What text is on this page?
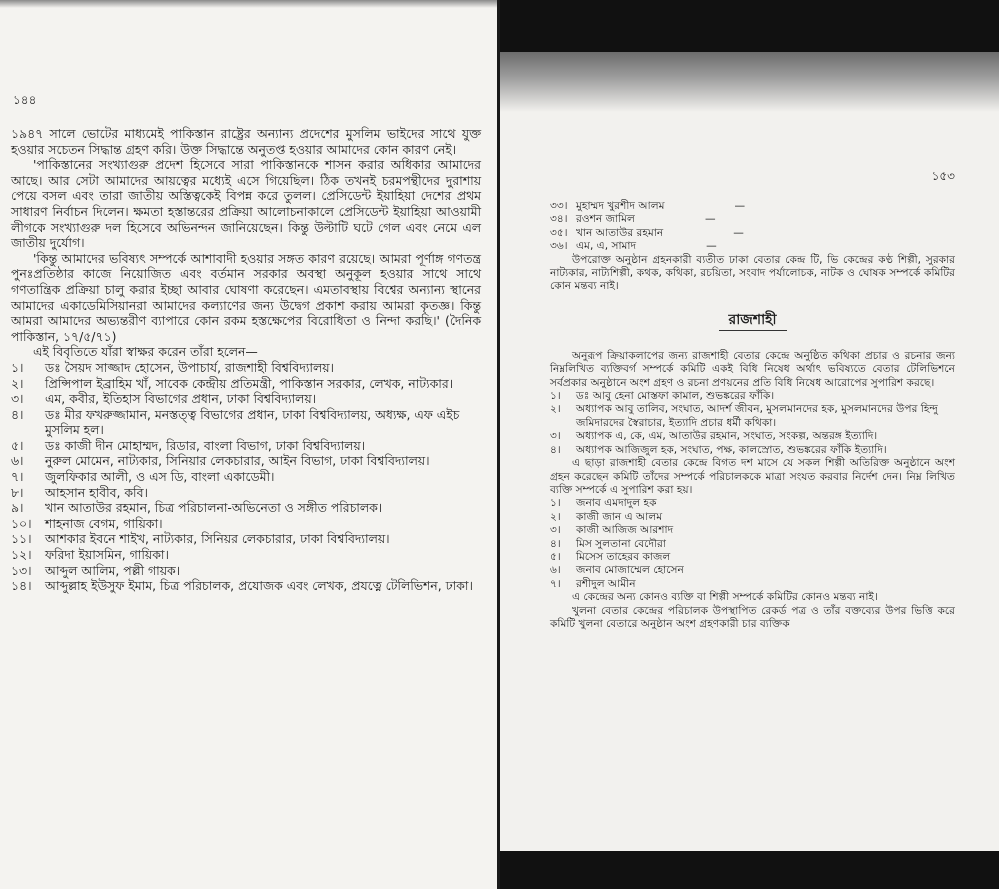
১৪৪

১৯৪৭ সালে ভোটের মাধ্যমেই পাকিস্তান রাষ্ট্রের অন্যান্য প্রদেশের মুসলিম ভাইদের সাথে যুক্ত হওয়ার সচেতন সিদ্ধান্ত গ্রহণ করি। উক্ত সিদ্ধান্তে অনুতপ্ত হওয়ার আমাদের কোন কারণ নেই।

'পাকিস্তানের সংখ্যাগুরু প্রদেশ হিসেবে সারা পাকিস্তানকে শাসন করার অধিকার আমাদের আছে। আর সেটা আমাদের আয়ত্বের মধ্যেই এসে গিয়েছিল। ঠিক তখনই চরমপন্থীদের দুরাশায় পেয়ে বসল এবং তারা জাতীয় অস্তিত্বকেই বিপন্ন করে তুলল। প্রেসিডেন্ট ইয়াহিয়া দেশের প্রথম সাধারণ নির্বাচন দিলেন। ক্ষমতা হস্তান্তরের প্রক্রিয়া আলোচনাকালে প্রেসিডেন্ট ইয়াহিয়া আওয়ামী লীগকে সংখ্যাগুরু দল হিসেবে অভিনন্দন জানিয়েছেন। কিন্তু উল্টাটি ঘটে গেল এবং নেমে এল জাতীয় দুর্যোগ।

'কিন্তু আমাদের ভবিষ্যৎ সম্পর্কে আশাবাদী হওয়ার সঙ্গত কারণ রয়েছে। আমরা পূর্ণাঙ্গ গণতন্ত্র পুনঃপ্রতিষ্ঠার কাজে নিয়োজিত এবং বর্তমান সরকার অবস্থা অনুকূল হওয়ার সাথে সাথে গণতান্ত্রিক প্রক্রিয়া চালু করার ইচ্ছা আবার ঘোষণা করেছেন। এমতাবস্থায় বিশ্বের অন্যান্য স্থানের আমাদের একাডেমিসিয়ানরা আমাদের কল্যাণের জন্য উদ্বেগ প্রকাশ করায় আমরা কৃতজ্ঞ। কিন্তু আমরা আমাদের অভ্যন্তরীণ ব্যাপারে কোন রকম হস্তক্ষেপের বিরোধিতা ও নিন্দা করছি।' (দৈনিক পাকিস্তান, ১৭/৫/৭১)

এই বিবৃতিতে যাঁরা স্বাক্ষর করেন তাঁরা হলেন—

১।	ডঃ সৈয়দ সাজ্জাদ হোসেন, উপাচার্য, রাজশাহী বিশ্ববিদ্যালয়।
২।	প্রিন্সিপাল ইব্রাহিম খাঁ, সাবেক কেন্দ্রীয় প্রতিমন্ত্রী, পাকিস্তান সরকার, লেখক, নাট্যকার।
৩।	এম, কবীর, ইতিহাস বিভাগের প্রধান, ঢাকা বিশ্ববিদ্যালয়।
৪।	ডঃ মীর ফখরুজ্জামান, মনস্তত্ত্ব বিভাগের প্রধান, ঢাকা বিশ্ববিদ্যালয়, অধ্যক্ষ, এফ এইচ মুসলিম হল।
৫।	ডঃ কাজী দীন মোহাম্মদ, রিডার, বাংলা বিভাগ, ঢাকা বিশ্ববিদ্যালয়।
৬।	নুরুল মোমেন, নাট্যকার, সিনিয়ার লেকচারার, আইন বিভাগ, ঢাকা বিশ্ববিদ্যালয়।
৭।	জুলফিকার আলী, ও এস ডি, বাংলা একাডেমী।
৮।	আহসান হাবীব, কবি।
৯।	খান আতাউর রহমান, চিত্র পরিচালনা-অভিনেতা ও সঙ্গীত পরিচালক।
১০।	শাহনাজ বেগম, গায়িকা।
১১।	আশকার ইবনে শাইখ, নাট্যকার, সিনিয়র লেকচারার, ঢাকা বিশ্ববিদ্যালয়।
১২।	ফরিদা ইয়াসমিন, গায়িকা।
১৩।	আব্দুল আলিম, পল্লী গায়ক।
১৪।	আব্দুল্লাহ ইউসুফ ইমাম, চিত্র পরিচালক, প্রযোজক এবং লেখক, প্রযত্নে টেলিভিশন, ঢাকা।
১৫৩
৩৩। মুহাম্মদ খুরশীদ আলম	—
৩৪। রওশন জামিল	—
৩৫। খান আতাউর রহমান	—
৩৬। এম, এ, সামাদ	—

উপরোক্ত অনুষ্ঠান গ্রহনকারী ব্যতীত ঢাকা বেতার কেন্দ্র টি, ভি কেন্দ্রের কণ্ঠ শিল্পী, সুরকার নাট্যকার, নাট্যশিল্পী, কথক, কথিকা, রচয়িতা, সংবাদ পর্যালোচক, নাটক ও ঘোষক সম্পর্কে কমিটির কোন মন্তব্য নাই।

রাজশাহী

অনুরূপ ক্রিয়াকলাপের জন্য রাজশাহী বেতার কেন্দ্রে অনুষ্ঠিত কথিকা প্রচার ও রচনার জন্য নিম্নলিখিত ব্যক্তিবর্গ সম্পর্কে কমিটি একই বিধি নিষেধ অর্থাৎ ভবিষ্যতে বেতার টেলিভিশনে সর্বপ্রকার অনুষ্ঠানে অংশ গ্রহণ ও রচনা প্রণয়নের প্রতি বিধি নিষেধ আরোপের সুপারিশ করছে।

১।	ডঃ আবু হেনা মোস্তফা কামাল, শুভঙ্করের ফাঁকি।
২।	অধ্যাপক আবু তালিব, সংঘাত, আদর্শ জীবন, মুসলমানদের হক, মুসলমানদের উপর হিন্দু জমিদারদের স্বৈরাচার, ইত্যাদি প্রচার ধর্মী কথিকা।
৩।	অধ্যাপক এ, কে, এম, আতাউর রহমান, সংঘাত, সংকল্প, অন্তরঙ্গ ইত্যাদি।
৪।	অধ্যাপক আজিজুল হক, সংঘাত, পক্ষ, কালস্রোত, শুভঙ্করের ফাঁকি ইত্যাদি।

এ ছাড়া রাজশাহী বেতার কেন্দ্রে বিগত দশ মাসে যে সকল শিল্পী অতিরিক্ত অনুষ্ঠানে অংশ গ্রহন করেছেন কমিটি তাঁদের সম্পর্কে পরিচালককে মাত্রা সংযত করবার নির্দেশ দেন। নিম্ন লিখিত ব্যক্তি সম্পর্কে এ সুপারিশ করা হয়।

১।	জনাব এমদাদুল হক
২।	কাজী জান এ আলম
৩।	কাজী আজিজ আরশাদ
৪।	মিস সুলতানা বেদৌরা
৫।	মিসেস তাহেরব কাজল
৬।	জনাব মোজাম্মেল হোসেন
৭।	রশীদুল আমীন

এ কেন্দ্রের অন্য কোনও ব্যক্তি বা শিল্পী সম্পর্কে কমিটির কোনও মন্তব্য নাই।

খুলনা বেতার কেন্দ্রের পরিচালক উপস্থাপিত রেকর্ড পত্র ও তাঁর বক্তব্যের উপর ভিত্তি করে কমিটি খুলনা বেতারে অনুষ্ঠান অংশ গ্রহণকারী চার ব্যক্তিক
